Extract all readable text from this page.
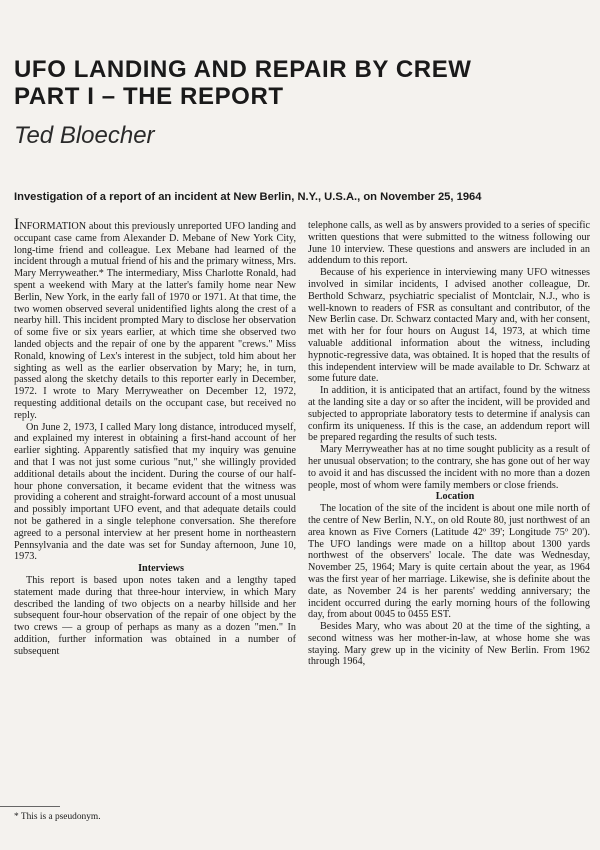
UFO LANDING AND REPAIR BY CREW
PART I – THE REPORT
Ted Bloecher
Investigation of a report of an incident at New Berlin, N.Y., U.S.A., on November 25, 1964

INFORMATION about this previously unreported UFO landing and occupant case came from Alexander D. Mebane of New York City, long-time friend and colleague. Lex Mebane had learned of the incident through a mutual friend of his and the primary witness, Mrs. Mary Merryweather.* The intermediary, Miss Charlotte Ronald, had spent a weekend with Mary at the latter's family home near New Berlin, New York, in the early fall of 1970 or 1971. At that time, the two women observed several unidentified lights along the crest of a nearby hill. This incident prompted Mary to disclose her observation of some five or six years earlier, at which time she observed two landed objects and the repair of one by the apparent "crews." Miss Ronald, knowing of Lex's interest in the subject, told him about her sighting as well as the earlier observation by Mary; he, in turn, passed along the sketchy details to this reporter early in December, 1972. I wrote to Mary Merryweather on December 12, 1972, requesting additional details on the occupant case, but received no reply.

On June 2, 1973, I called Mary long distance, introduced myself, and explained my interest in obtaining a first-hand account of her earlier sighting. Apparently satisfied that my inquiry was genuine and that I was not just some curious "nut," she willingly provided additional details about the incident. During the course of our half-hour phone conversation, it became evident that the witness was providing a coherent and straight-forward account of a most unusual and possibly important UFO event, and that adequate details could not be gathered in a single telephone conversation. She therefore agreed to a personal interview at her present home in northeastern Pennsylvania and the date was set for Sunday afternoon, June 10, 1973.

Interviews

This report is based upon notes taken and a lengthy taped statement made during that three-hour interview, in which Mary described the landing of two objects on a nearby hillside and her subsequent four-hour observation of the repair of one object by the two crews — a group of perhaps as many as a dozen "men." In addition, further information was obtained in a number of subsequent

telephone calls, as well as by answers provided to a series of specific written questions that were submitted to the witness following our June 10 interview. These questions and answers are included in an addendum to this report.

Because of his experience in interviewing many UFO witnesses involved in similar incidents, I advised another colleague, Dr. Berthold Schwarz, psychiatric specialist of Montclair, N.J., who is well-known to readers of FSR as consultant and contributor, of the New Berlin case. Dr. Schwarz contacted Mary and, with her consent, met with her for four hours on August 14, 1973, at which time valuable additional information about the witness, including hypnotic-regressive data, was obtained. It is hoped that the results of this independent interview will be made available to Dr. Schwarz at some future date.

In addition, it is anticipated that an artifact, found by the witness at the landing site a day or so after the incident, will be provided and subjected to appropriate laboratory tests to determine if analysis can confirm its uniqueness. If this is the case, an addendum report will be prepared regarding the results of such tests.

Mary Merryweather has at no time sought publicity as a result of her unusual observation; to the contrary, she has gone out of her way to avoid it and has discussed the incident with no more than a dozen people, most of whom were family members or close friends.

Location

The location of the site of the incident is about one mile north of the centre of New Berlin, N.Y., on old Route 80, just northwest of an area known as Five Corners (Latitude 42º 39'; Longitude 75º 20'). The UFO landings were made on a hilltop about 1300 yards northwest of the observers' locale. The date was Wednesday, November 25, 1964; Mary is quite certain about the year, as 1964 was the first year of her marriage. Likewise, she is definite about the date, as November 24 is her parents' wedding anniversary; the incident occurred during the early morning hours of the following day, from about 0045 to 0455 EST.

Besides Mary, who was about 20 at the time of the sighting, a second witness was her mother-in-law, at whose home she was staying. Mary grew up in the vicinity of New Berlin. From 1962 through 1964,

* This is a pseudonym.
